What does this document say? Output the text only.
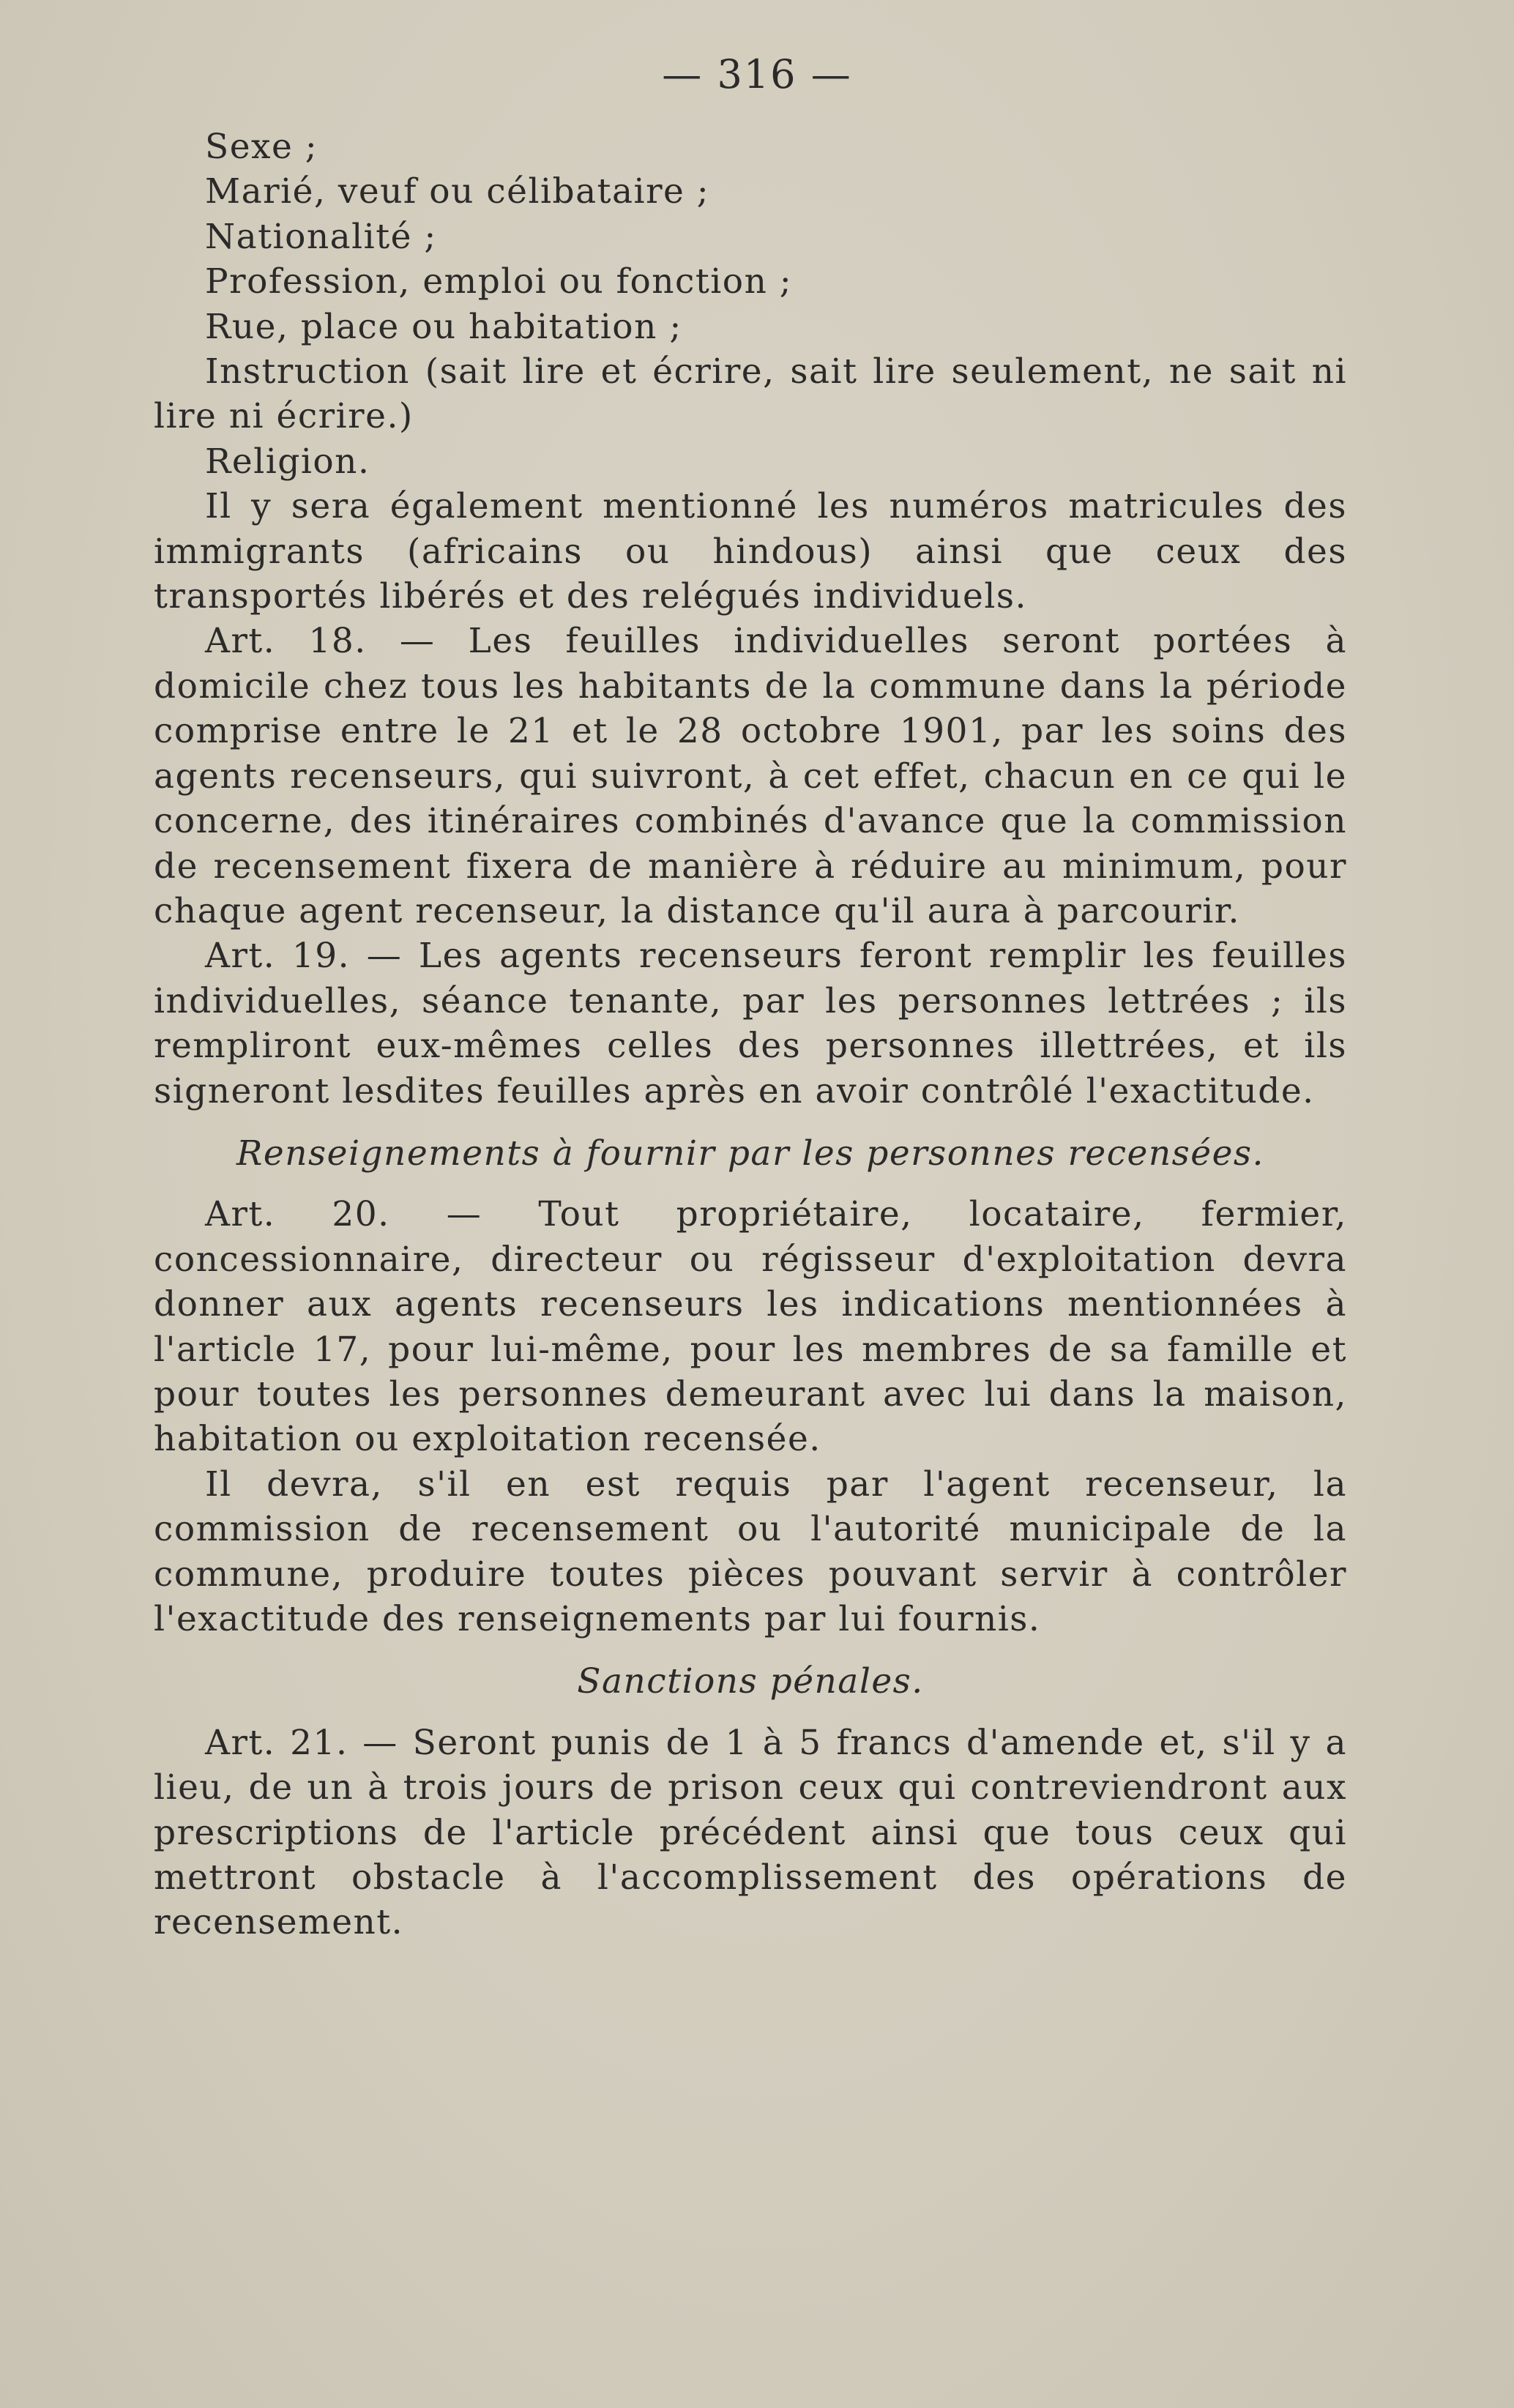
— 316 —

Sexe ;

Marié, veuf ou célibataire ;

Nationalité ;

Profession, emploi ou fonction ;

Rue, place ou habitation ;

Instruction (sait lire et écrire, sait lire seulement, ne sait ni lire ni écrire.)

Religion.

Il y sera également mentionné les numéros matricules des immigrants (africains ou hindous) ainsi que ceux des transportés libérés et des relégués individuels.

Art. 18. — Les feuilles individuelles seront portées à domicile chez tous les habitants de la commune dans la période comprise entre le 21 et le 28 octobre 1901, par les soins des agents recenseurs, qui suivront, à cet effet, chacun en ce qui le concerne, des itinéraires combinés d'avance que la commission de recensement fixera de manière à réduire au minimum, pour chaque agent recenseur, la distance qu'il aura à parcourir.

Art. 19. — Les agents recenseurs feront remplir les feuilles individuelles, séance tenante, par les personnes lettrées ; ils rempliront eux-mêmes celles des personnes illettrées, et ils signeront lesdites feuilles après en avoir contrôlé l'exactitude.

Renseignements à fournir par les personnes recensées.

Art. 20. — Tout propriétaire, locataire, fermier, concessionnaire, directeur ou régisseur d'exploitation devra donner aux agents recenseurs les indications mentionnées à l'article 17, pour lui-même, pour les membres de sa famille et pour toutes les personnes demeurant avec lui dans la maison, habitation ou exploitation recensée.

Il devra, s'il en est requis par l'agent recenseur, la commission de recensement ou l'autorité municipale de la commune, produire toutes pièces pouvant servir à contrôler l'exactitude des renseignements par lui fournis.

Sanctions pénales.

Art. 21. — Seront punis de 1 à 5 francs d'amende et, s'il y a lieu, de un à trois jours de prison ceux qui contreviendront aux prescriptions de l'article précédent ainsi que tous ceux qui mettront obstacle à l'accomplissement des opérations de recensement.
